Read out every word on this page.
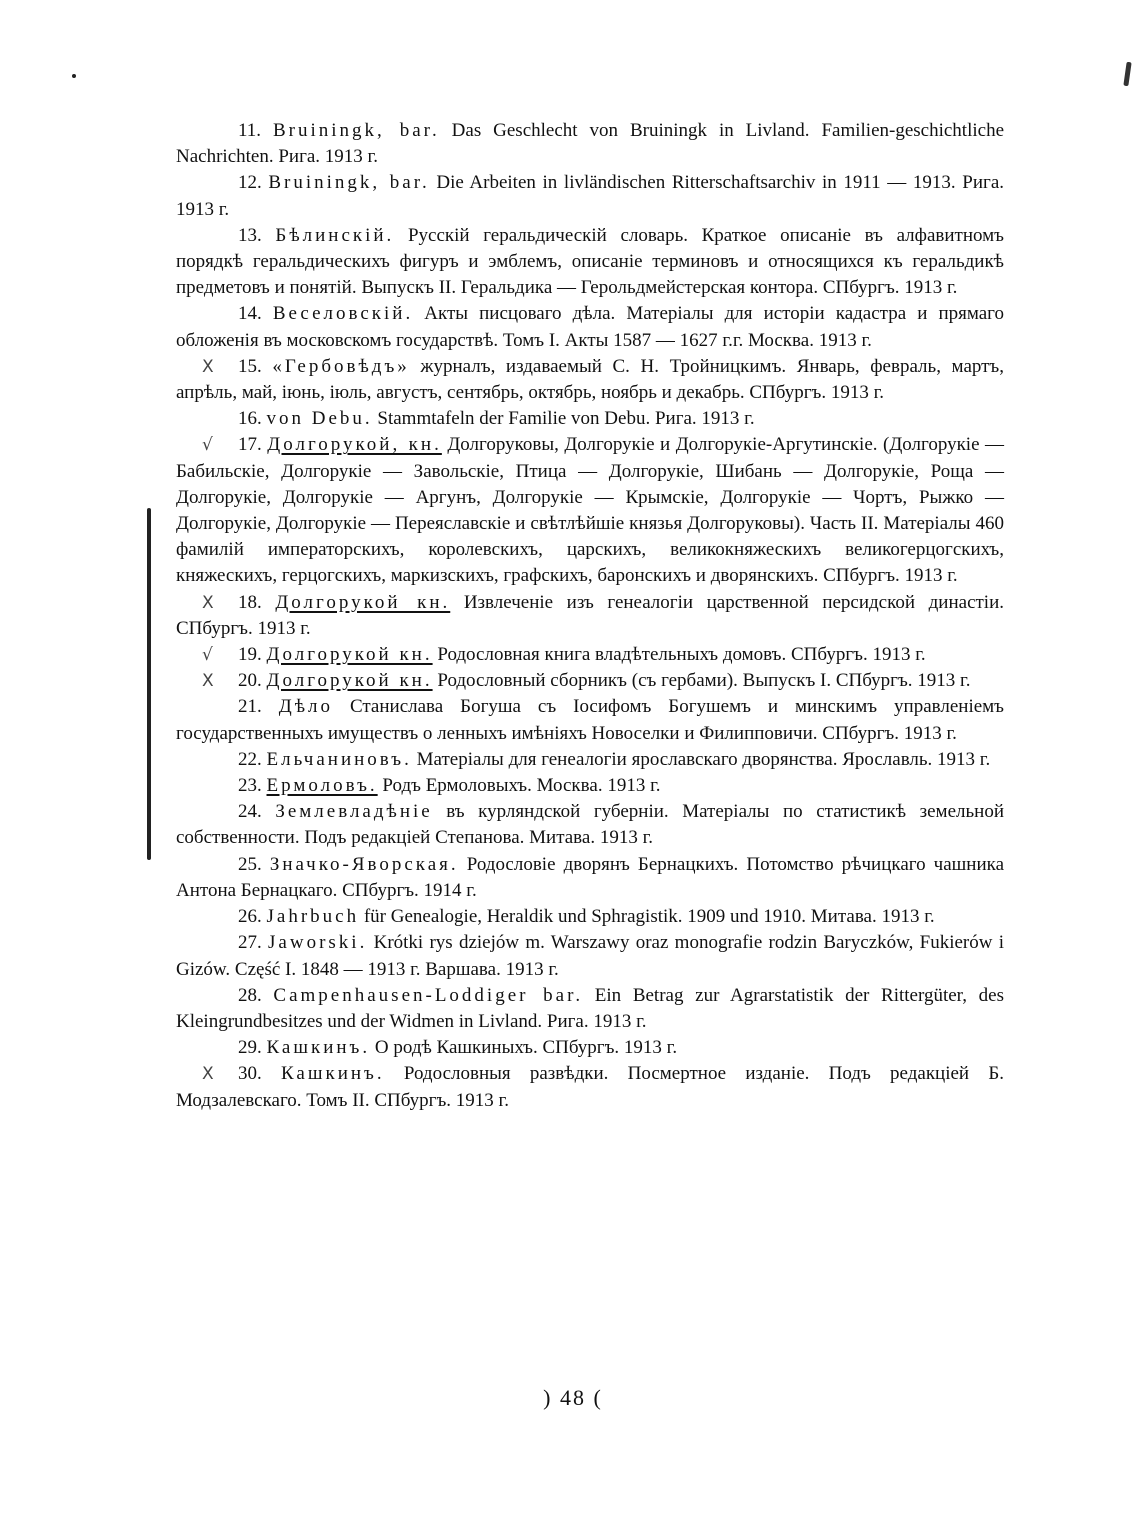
11. Bruiningk, bar. Das Geschlecht von Bruiningk in Livland. Familien-geschichtliche Nachrichten. Рига. 1913 г.

12. Bruiningk, bar. Die Arbeiten in livländischen Ritterschaftsarchiv in 1911 — 1913. Рига. 1913 г.

13. Бѣлинскій. Русскій геральдическій словарь. Краткое описаніе въ алфавитномъ порядкѣ геральдическихъ фигуръ и эмблемъ, описаніе терминовъ и относящихся къ геральдикѣ предметовъ и понятій. Выпускъ II. Геральдика — Герольдмейстерская контора. СПбургъ. 1913 г.

14. Веселовскій. Акты писцоваго дѣла. Матеріалы для исторіи кадастра и прямаго обложенія въ московскомъ государствѣ. Томъ I. Акты 1587 — 1627 г.г. Москва. 1913 г.

X 15. «Гербовѣдъ» журналъ, издаваемый С. Н. Тройницкимъ. Январь, февраль, мартъ, апрѣль, май, іюнь, іюль, августъ, сентябрь, октябрь, ноябрь и декабрь. СПбургъ. 1913 г.

16. von Debu. Stammtafeln der Familie von Debu. Рига. 1913 г.

√ 17. Долгорукой, кн. Долгоруковы, Долгорукіе и Долгорукіе-Аргутинскіе. (Долгорукіе — Бабильскіе, Долгорукіе — Завольскіе, Птица — Долгорукіе, Шибань — Долгорукіе, Роща — Долгорукіе, Долгорукіе — Аргунъ, Долгорукіе — Крымскіе, Долгорукіе — Чортъ, Рыжко — Долгорукіе, Долгорукіе — Переяславскіе и свѣтлѣйшіе князья Долгоруковы). Часть II. Матеріалы 460 фамилій императорскихъ, королевскихъ, царскихъ, великокняжескихъ великогерцогскихъ, княжескихъ, герцогскихъ, маркизскихъ, графскихъ, баронскихъ и дворянскихъ. СПбургъ. 1913 г.

X 18. Долгорукой кн. Извлеченіе изъ генеалогіи царственной персидской династіи. СПбургъ. 1913 г.

√ 19. Долгорукой кн. Родословная книга владѣтельныхъ домовъ. СПбургъ. 1913 г.

X 20. Долгорукой кн. Родословный сборникъ (съ гербами). Выпускъ I. СПбургъ. 1913 г.

21. Дѣло Станислава Богуша съ Іосифомъ Богушемъ и минскимъ управленіемъ государственныхъ имуществъ о ленныхъ имѣніяхъ Новоселки и Филипповичи. СПбургъ. 1913 г.

22. Ельчаниновъ. Матеріалы для генеалогіи ярославскаго дворянства. Ярославль. 1913 г.

23. Ермоловъ. Родъ Ермоловыхъ. Москва. 1913 г.

24. Землевладѣніе въ курляндской губерніи. Матеріалы по статистикѣ земельной собственности. Подъ редакціей Степанова. Митава. 1913 г.

25. Значко-Яворская. Родословіе дворянъ Бернацкихъ. Потомство рѣчицкаго чашника Антона Бернацкаго. СПбургъ. 1914 г.

26. Jahrbuch für Genealogie, Heraldik und Sphragistik. 1909 und 1910. Митава. 1913 г.

27. Jaworski. Krótki rys dziejów m. Warszawy oraz monografie rodzin Baryczków, Fukierów i Gizów. Część I. 1848 — 1913 г. Варшава. 1913 г.

28. Campenhausen-Loddiger bar. Ein Betrag zur Agrarstatistik der Rittergüter, des Kleingrundbesitzes und der Widmen in Livland. Рига. 1913 г.

29. Кашкинъ. О родѣ Кашкиныхъ. СПбургъ. 1913 г.

X 30. Кашкинъ. Родословныя развѣдки. Посмертное изданіе. Подъ редакціей Б. Модзалевскаго. Томъ II. СПбургъ. 1913 г.

) 48 (
